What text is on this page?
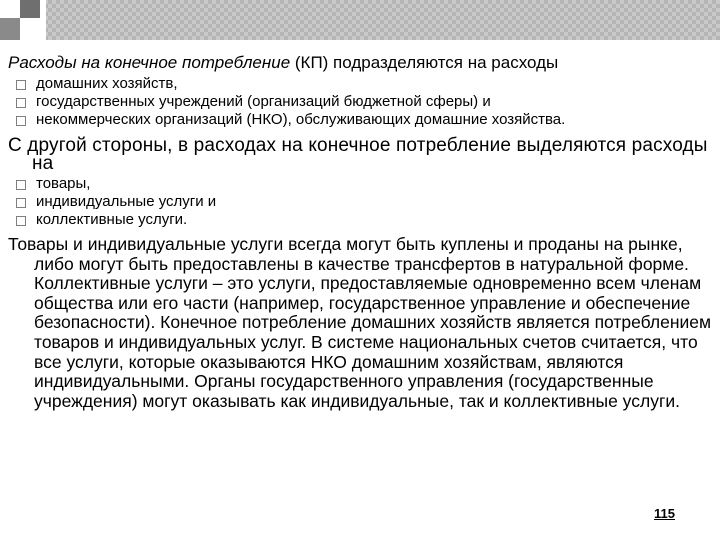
Расходы на конечное потребление (КП) подразделяются на расходы

домашних хозяйств,
государственных учреждений (организаций бюджетной сферы) и
некоммерческих организаций (НКО), обслуживающих домашние хозяйства.

С другой стороны, в расходах на конечное потребление выделяются расходы на

товары,
индивидуальные услуги и
коллективные услуги.

Товары и индивидуальные услуги всегда могут быть куплены и проданы на рынке, либо могут быть предоставлены в качестве трансфертов в натуральной форме. Коллективные услуги – это услуги, предоставляемые одновременно всем членам общества или его части (например, государственное управление и обеспечение безопасности). Конечное потребление домашних хозяйств является потреблением товаров и индивидуальных услуг. В системе национальных счетов считается, что все услуги, которые оказываются НКО домашним хозяйствам, являются индивидуальными. Органы государственного управления (государственные учреждения) могут оказывать как индивидуальные, так и коллективные услуги.

115
